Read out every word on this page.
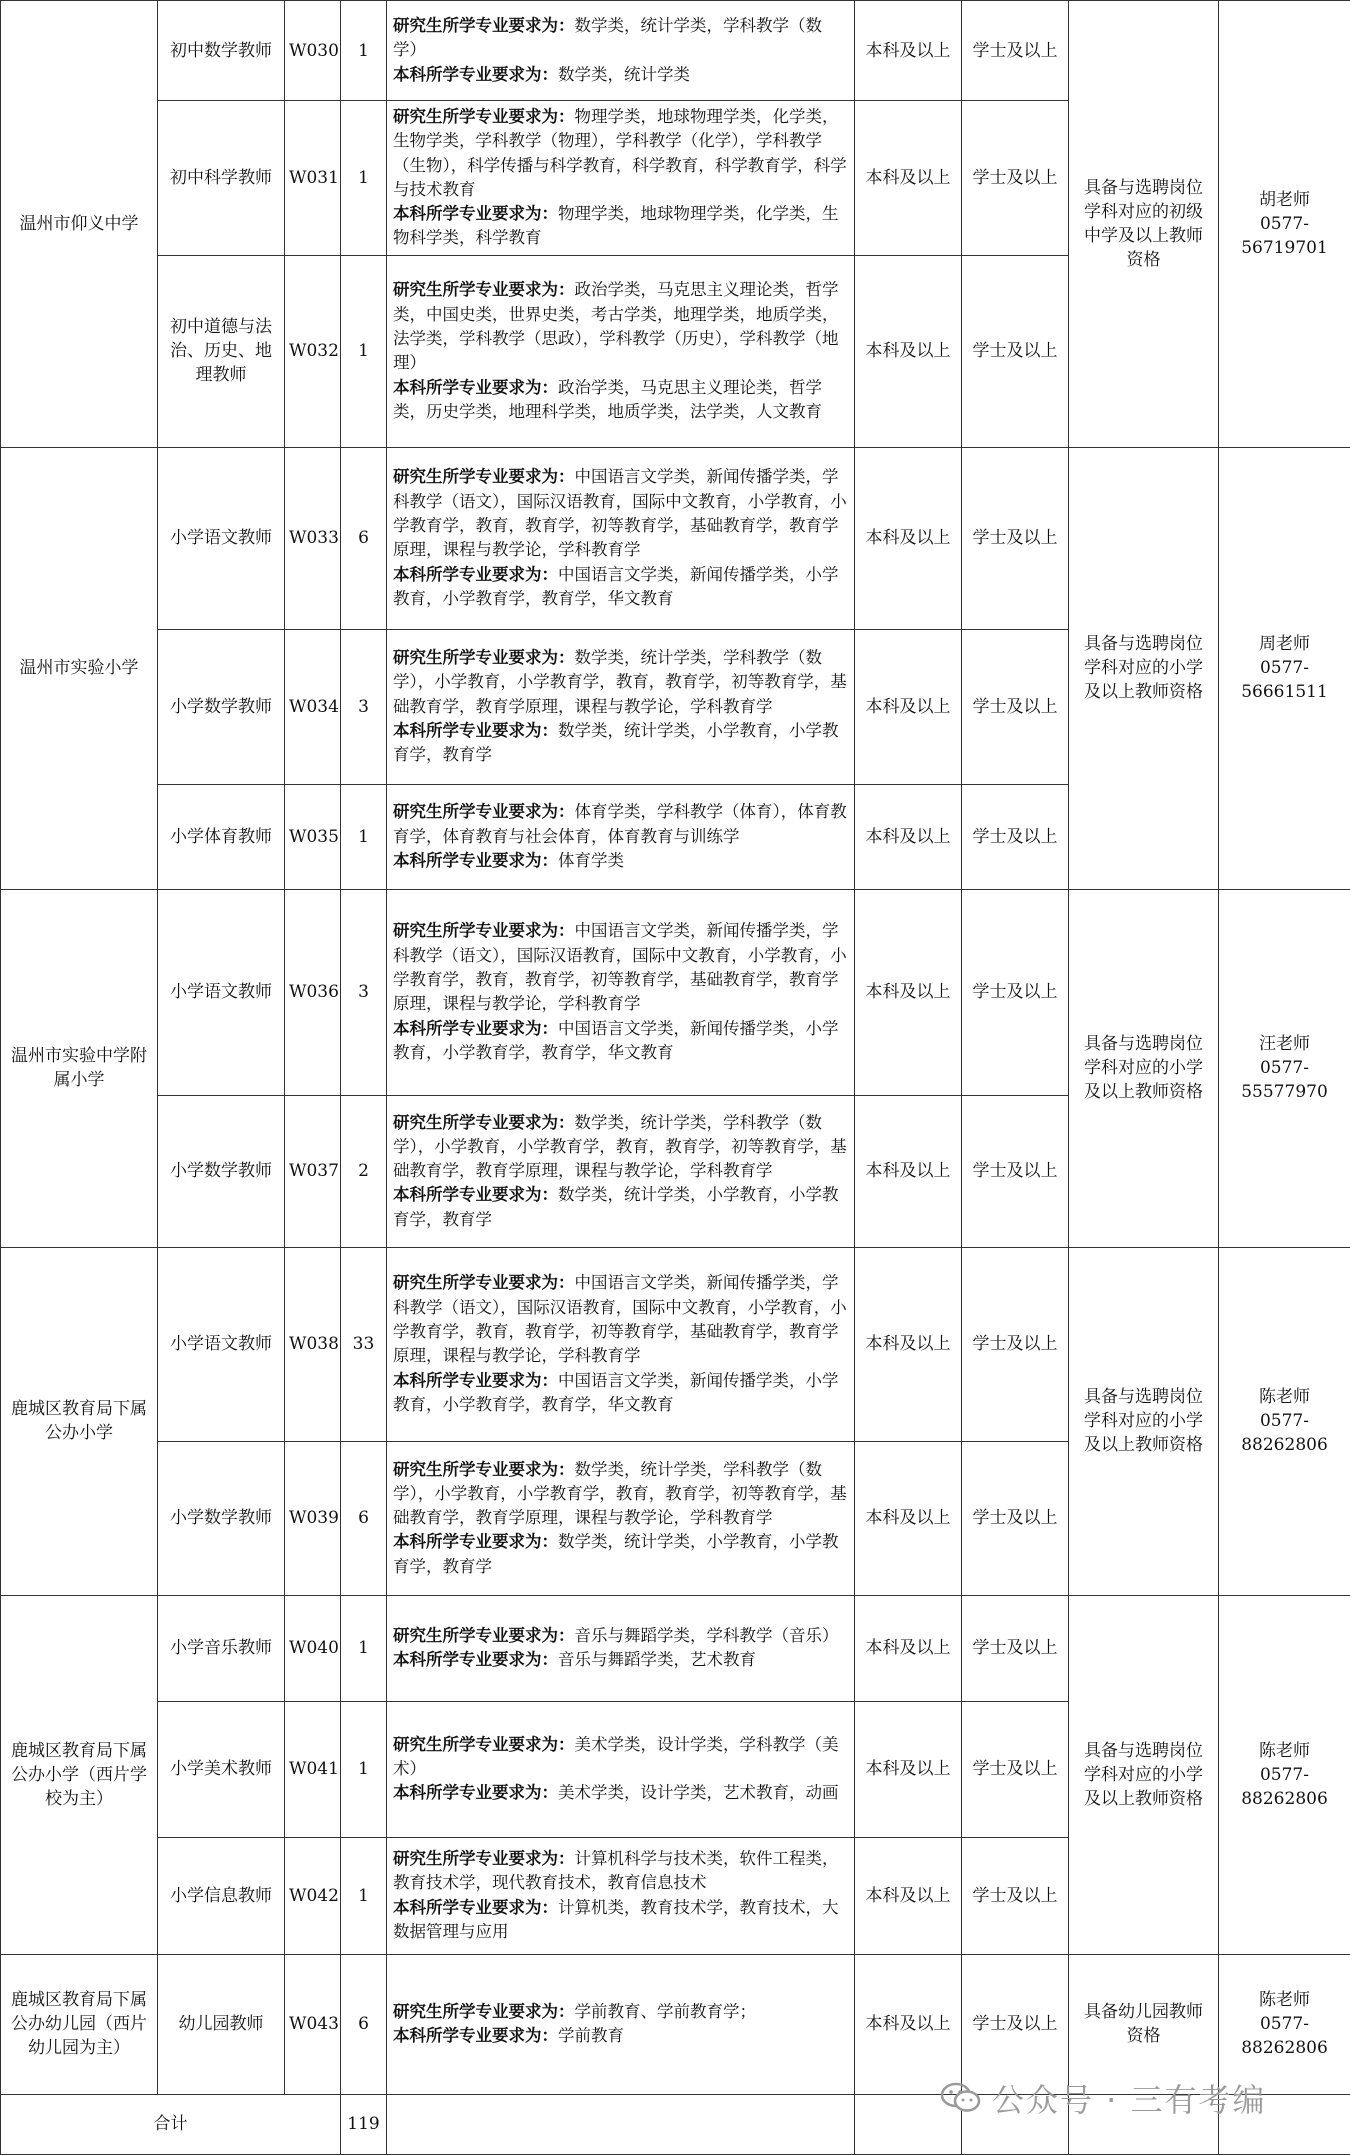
温州市仰义中学	初中数学教师	W030	1	研究生所学专业要求为：数学类，统计学类，学科教学（数学）
本科所学专业要求为：数学类，统计学类	本科及以上	学士及以上	具备与选聘岗位学科对应的初级中学及以上教师资格	胡老师
0577-56719701
	初中科学教师	W031	1	研究生所学专业要求为：物理学类，地球物理学类，化学类，生物学类，学科教学（物理），学科教学（化学），学科教学（生物），科学传播与科学教育，科学教育，科学教育学，科学与技术教育
本科所学专业要求为：物理学类，地球物理学类，化学类，生物科学类，科学教育	本科及以上	学士及以上		
	初中道德与法治、历史、地理教师	W032	1	研究生所学专业要求为：政治学类，马克思主义理论类，哲学类，中国史类，世界史类，考古学类，地理学类，地质学类，法学类，学科教学（思政），学科教学（历史），学科教学（地理）
本科所学专业要求为：政治学类，马克思主义理论类，哲学类，历史学类，地理科学类，地质学类，法学类，人文教育	本科及以上	学士及以上		
温州市实验小学	小学语文教师	W033	6	研究生所学专业要求为：中国语言文学类，新闻传播学类，学科教学（语文），国际汉语教育，国际中文教育，小学教育，小学教育学，教育，教育学，初等教育学，基础教育学，教育学原理，课程与教学论，学科教育学
本科所学专业要求为：中国语言文学类，新闻传播学类，小学教育，小学教育学，教育学，华文教育	本科及以上	学士及以上	具备与选聘岗位学科对应的小学及以上教师资格	周老师
0577-56661511
	小学数学教师	W034	3	研究生所学专业要求为：数学类，统计学类，学科教学（数学），小学教育，小学教育学，教育，教育学，初等教育学，基础教育学，教育学原理，课程与教学论，学科教育学
本科所学专业要求为：数学类，统计学类，小学教育，小学教育学，教育学	本科及以上	学士及以上		
	小学体育教师	W035	1	研究生所学专业要求为：体育学类，学科教学（体育），体育教育学，体育教育与社会体育，体育教育与训练学
本科所学专业要求为：体育学类	本科及以上	学士及以上		
温州市实验中学附属小学	小学语文教师	W036	3	研究生所学专业要求为：中国语言文学类，新闻传播学类，学科教学（语文），国际汉语教育，国际中文教育，小学教育，小学教育学，教育，教育学，初等教育学，基础教育学，教育学原理，课程与教学论，学科教育学
本科所学专业要求为：中国语言文学类，新闻传播学类，小学教育，小学教育学，教育学，华文教育	本科及以上	学士及以上	具备与选聘岗位学科对应的小学及以上教师资格	汪老师
0577-55577970
	小学数学教师	W037	2	研究生所学专业要求为：数学类，统计学类，学科教学（数学），小学教育，小学教育学，教育，教育学，初等教育学，基础教育学，教育学原理，课程与教学论，学科教育学
本科所学专业要求为：数学类，统计学类，小学教育，小学教育学，教育学	本科及以上	学士及以上		
鹿城区教育局下属公办小学	小学语文教师	W038	33	研究生所学专业要求为：中国语言文学类，新闻传播学类，学科教学（语文），国际汉语教育，国际中文教育，小学教育，小学教育学，教育，教育学，初等教育学，基础教育学，教育学原理，课程与教学论，学科教育学
本科所学专业要求为：中国语言文学类，新闻传播学类，小学教育，小学教育学，教育学，华文教育	本科及以上	学士及以上	具备与选聘岗位学科对应的小学及以上教师资格	陈老师
0577-88262806
	小学数学教师	W039	6	研究生所学专业要求为：数学类，统计学类，学科教学（数学），小学教育，小学教育学，教育，教育学，初等教育学，基础教育学，教育学原理，课程与教学论，学科教育学
本科所学专业要求为：数学类，统计学类，小学教育，小学教育学，教育学	本科及以上	学士及以上		
鹿城区教育局下属公办小学（西片学校为主）	小学音乐教师	W040	1	研究生所学专业要求为：音乐与舞蹈学类，学科教学（音乐）
本科所学专业要求为：音乐与舞蹈学类，艺术教育	本科及以上	学士及以上	具备与选聘岗位学科对应的小学及以上教师资格	陈老师
0577-88262806
	小学美术教师	W041	1	研究生所学专业要求为：美术学类，设计学类，学科教学（美术）
本科所学专业要求为：美术学类，设计学类，艺术教育，动画	本科及以上	学士及以上		
	小学信息教师	W042	1	研究生所学专业要求为：计算机科学与技术类，软件工程类，教育技术学，现代教育技术，教育信息技术
本科所学专业要求为：计算机类，教育技术学，教育技术，大数据管理与应用	本科及以上	学士及以上		
鹿城区教育局下属公办幼儿园（西片幼儿园为主）	幼儿园教师	W043	6	研究生所学专业要求为：学前教育、学前教育学；
本科所学专业要求为：学前教育	本科及以上	学士及以上	具备幼儿园教师资格	陈老师
0577-88262806
合计			119					
公众号 · 三有考编
